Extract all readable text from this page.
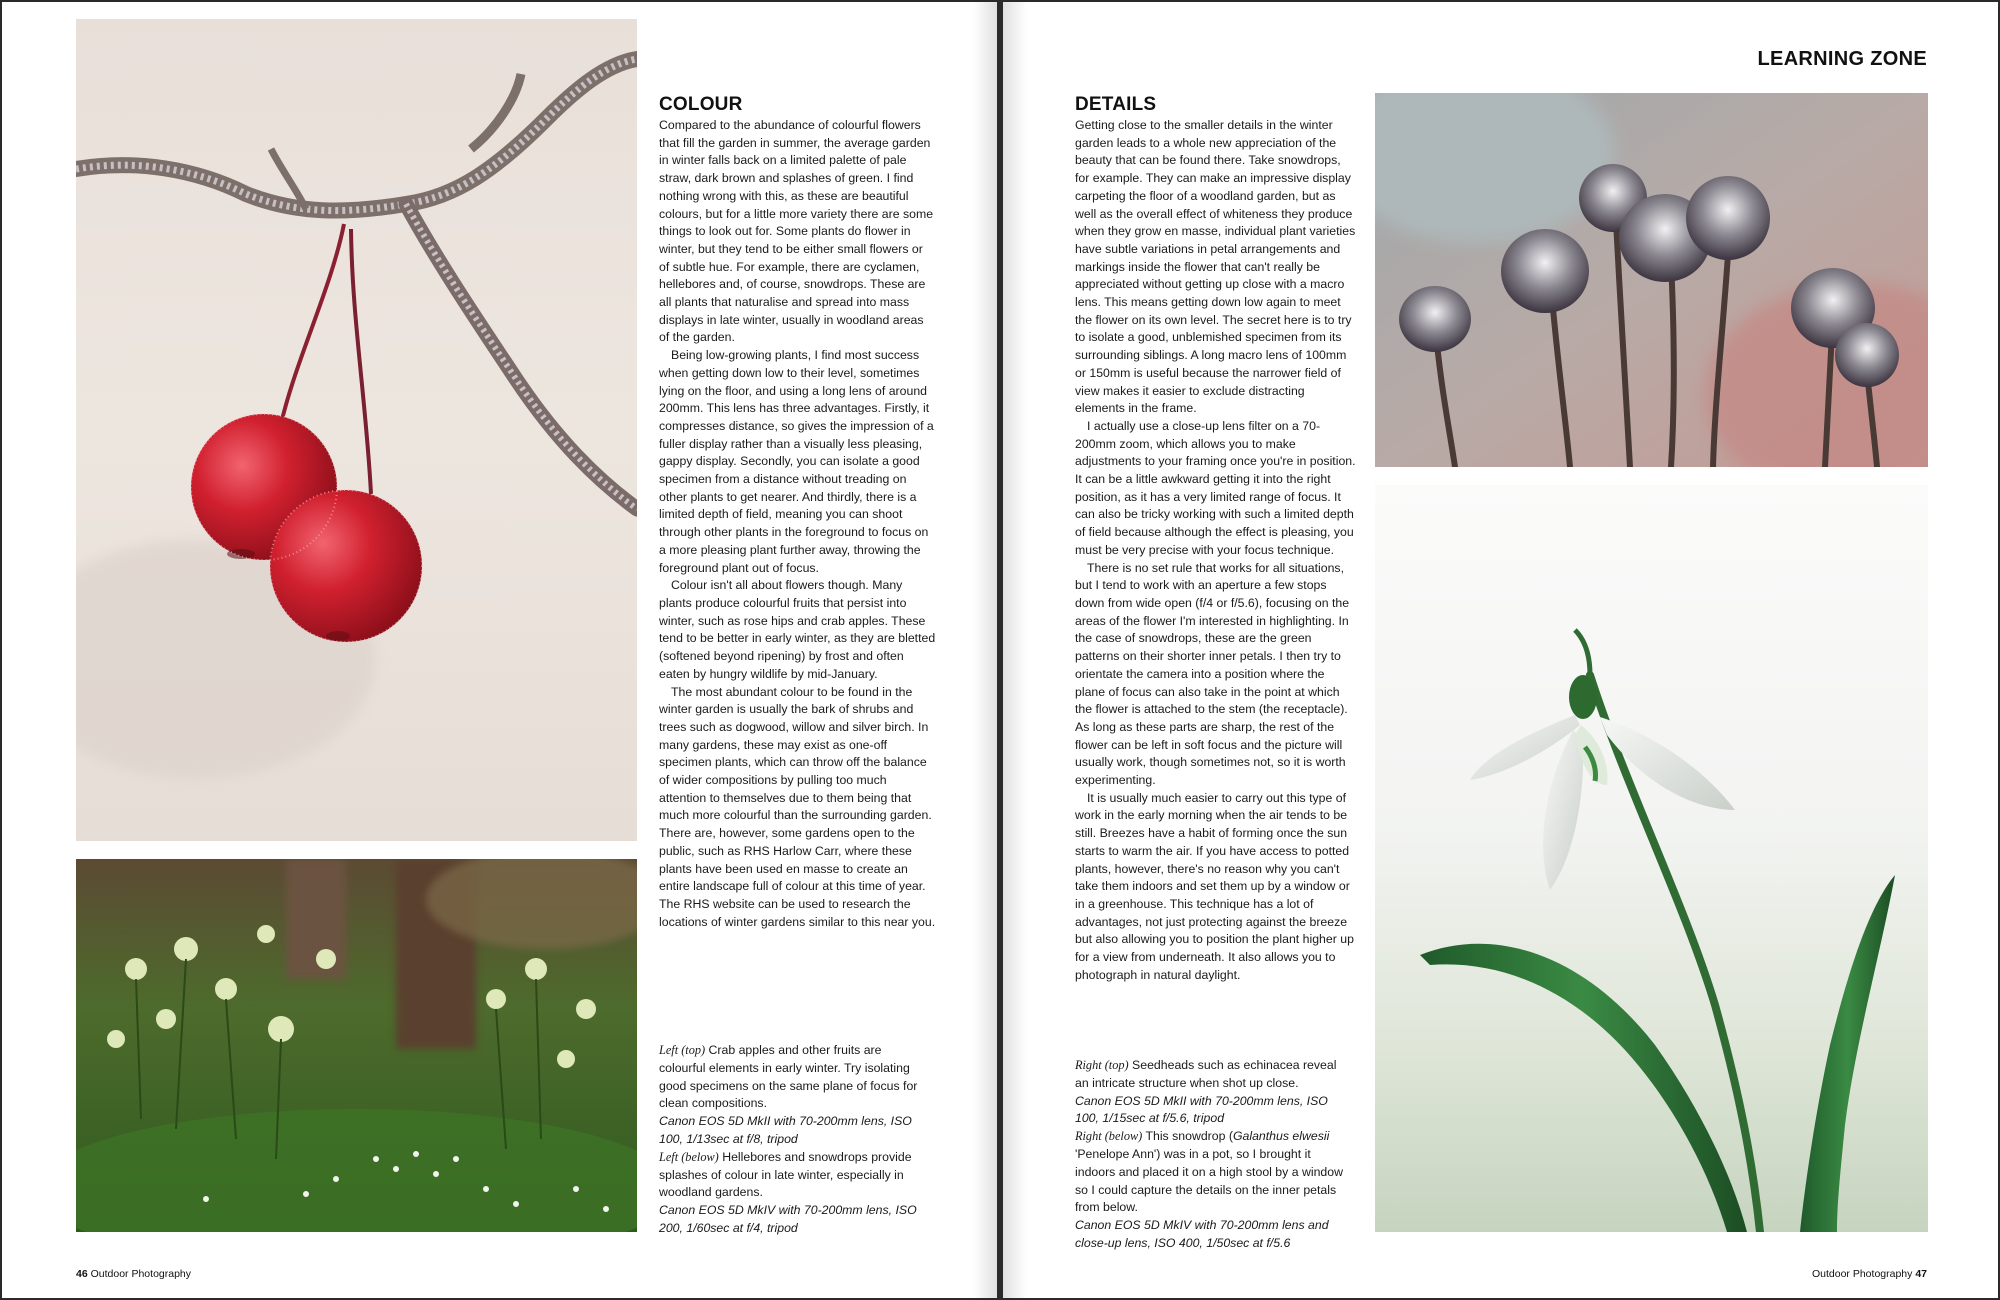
COLOUR

Compared to the abundance of colourful flowers that fill the garden in summer, the average garden in winter falls back on a limited palette of pale straw, dark brown and splashes of green. I find nothing wrong with this, as these are beautiful colours, but for a little more variety there are some things to look out for. Some plants do flower in winter, but they tend to be either small flowers or of subtle hue. For example, there are cyclamen, hellebores and, of course, snowdrops. These are all plants that naturalise and spread into mass displays in late winter, usually in woodland areas of the garden.

Being low-growing plants, I find most success when getting down low to their level, sometimes lying on the floor, and using a long lens of around 200mm. This lens has three advantages. Firstly, it compresses distance, so gives the impression of a fuller display rather than a visually less pleasing, gappy display. Secondly, you can isolate a good specimen from a distance without treading on other plants to get nearer. And thirdly, there is a limited depth of field, meaning you can shoot through other plants in the foreground to focus on a more pleasing plant further away, throwing the foreground plant out of focus.

Colour isn't all about flowers though. Many plants produce colourful fruits that persist into winter, such as rose hips and crab apples. These tend to be better in early winter, as they are bletted (softened beyond ripening) by frost and often eaten by hungry wildlife by mid-January.

The most abundant colour to be found in the winter garden is usually the bark of shrubs and trees such as dogwood, willow and silver birch. In many gardens, these may exist as one-off specimen plants, which can throw off the balance of wider compositions by pulling too much attention to themselves due to them being that much more colourful than the surrounding garden. There are, however, some gardens open to the public, such as RHS Harlow Carr, where these plants have been used en masse to create an entire landscape full of colour at this time of year. The RHS website can be used to research the locations of winter gardens similar to this near you.

Left (top) Crab apples and other fruits are colourful elements in early winter. Try isolating good specimens on the same plane of focus for clean compositions.
Canon EOS 5D MkII with 70-200mm lens, ISO 100, 1/13sec at f/8, tripod
Left (below) Hellebores and snowdrops provide splashes of colour in late winter, especially in woodland gardens.
Canon EOS 5D MkIV with 70-200mm lens, ISO 200, 1/60sec at f/4, tripod
46 Outdoor Photography
LEARNING ZONE
DETAILS

Getting close to the smaller details in the winter garden leads to a whole new appreciation of the beauty that can be found there. Take snowdrops, for example. They can make an impressive display carpeting the floor of a woodland garden, but as well as the overall effect of whiteness they produce when they grow en masse, individual plant varieties have subtle variations in petal arrangements and markings inside the flower that can't really be appreciated without getting up close with a macro lens. This means getting down low again to meet the flower on its own level. The secret here is to try to isolate a good, unblemished specimen from its surrounding siblings. A long macro lens of 100mm or 150mm is useful because the narrower field of view makes it easier to exclude distracting elements in the frame.

I actually use a close-up lens filter on a 70-200mm zoom, which allows you to make adjustments to your framing once you're in position. It can be a little awkward getting it into the right position, as it has a very limited range of focus. It can also be tricky working with such a limited depth of field because although the effect is pleasing, you must be very precise with your focus technique.

There is no set rule that works for all situations, but I tend to work with an aperture a few stops down from wide open (f/4 or f/5.6), focusing on the areas of the flower I'm interested in highlighting. In the case of snowdrops, these are the green patterns on their shorter inner petals. I then try to orientate the camera into a position where the plane of focus can also take in the point at which the flower is attached to the stem (the receptacle). As long as these parts are sharp, the rest of the flower can be left in soft focus and the picture will usually work, though sometimes not, so it is worth experimenting.

It is usually much easier to carry out this type of work in the early morning when the air tends to be still. Breezes have a habit of forming once the sun starts to warm the air. If you have access to potted plants, however, there's no reason why you can't take them indoors and set them up by a window or in a greenhouse. This technique has a lot of advantages, not just protecting against the breeze but also allowing you to position the plant higher up for a view from underneath. It also allows you to photograph in natural daylight.

Right (top) Seedheads such as echinacea reveal an intricate structure when shot up close.
Canon EOS 5D MkII with 70-200mm lens, ISO 100, 1/15sec at f/5.6, tripod
Right (below) This snowdrop (Galanthus elwesii 'Penelope Ann') was in a pot, so I brought it indoors and placed it on a high stool by a window so I could capture the details on the inner petals from below.
Canon EOS 5D MkIV with 70-200mm lens and close-up lens, ISO 400, 1/50sec at f/5.6
Outdoor Photography 47
